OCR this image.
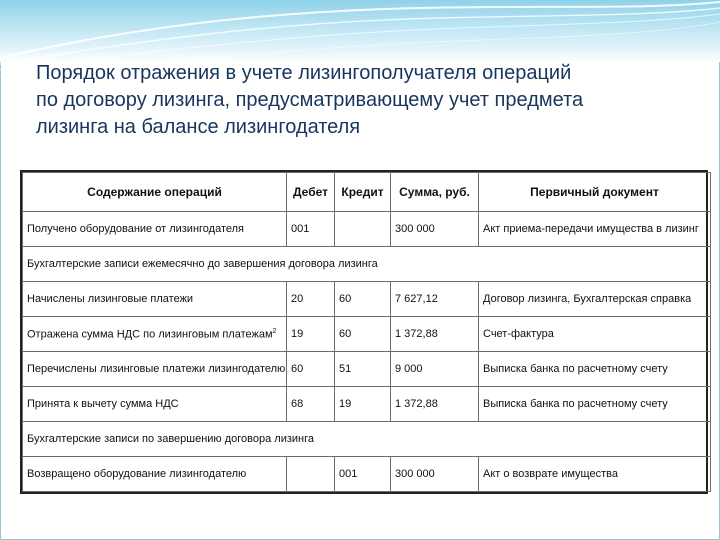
Порядок отражения в учете лизингополучателя операций
по договору лизинга, предусматривающему учет предмета
лизинга на балансе лизингодателя
Содержание операций	Дебет	Кредит	Сумма, руб.	Первичный документ
Получено оборудование от лизингодателя	001		300 000	Акт приема-передачи имущества в лизинг
Бухгалтерские записи ежемесячно до завершения договора лизинга				
Начислены лизинговые платежи	20	60	7 627,12	Договор лизинга, Бухгалтерская справка
Отражена сумма НДС по лизинговым платежам$^2$	19	60	1 372,88	Счет-фактура
Перечислены лизинговые платежи лизингодателю	60	51	9 000	Выписка банка по расчетному счету
Принята к вычету сумма НДС	68	19	1 372,88	Выписка банка по расчетному счету
Бухгалтерские записи по завершению договора лизинга				
Возвращено оборудование лизингодателю		001	300 000	Акт о возврате имущества
